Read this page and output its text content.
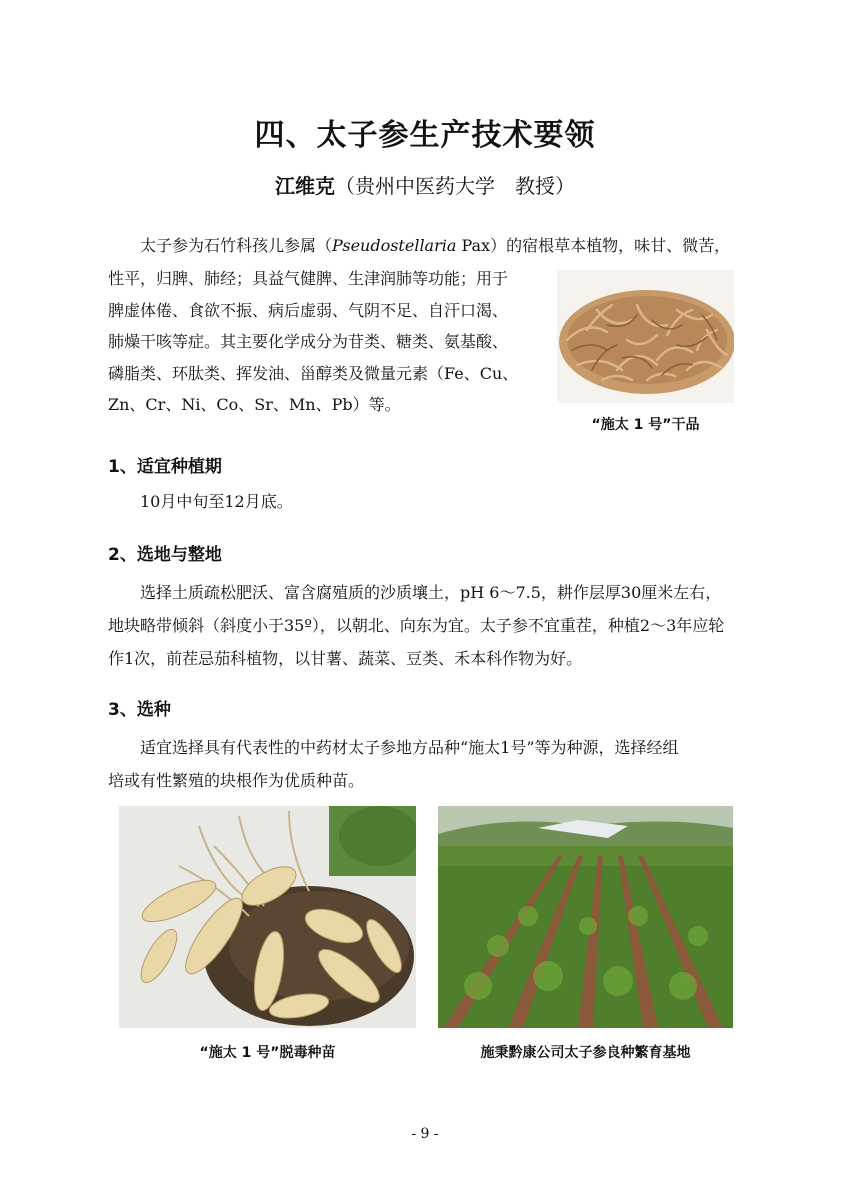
四、太子参生产技术要领
江维克（贵州中医药大学　教授）
太子参为石竹科孩儿参属（Pseudostellaria Pax）的宿根草本植物，味甘、微苦，
性平，归脾、肺经；具益气健脾、生津润肺等功能；用于
脾虚体倦、食欲不振、病后虚弱、气阴不足、自汗口渴、
肺燥干咳等症。其主要化学成分为苷类、糖类、氨基酸、
磷脂类、环肽类、挥发油、甾醇类及微量元素（Fe、Cu、
Zn、Cr、Ni、Co、Sr、Mn、Pb）等。
“施太 1 号”干品
1、适宜种植期
10月中旬至12月底。
2、选地与整地
选择土质疏松肥沃、富含腐殖质的沙质壤土，pH 6～7.5，耕作层厚30厘米左右，
地块略带倾斜（斜度小于35º），以朝北、向东为宜。太子参不宜重茬，种植2～3年应轮
作1次，前茬忌茄科植物，以甘薯、蔬菜、豆类、禾本科作物为好。
3、选种
适宜选择具有代表性的中药材太子参地方品种“施太1号”等为种源，选择经组
培或有性繁殖的块根作为优质种苗。
“施太 1 号”脱毒种苗	施秉黔康公司太子参良种繁育基地
- 9 -
